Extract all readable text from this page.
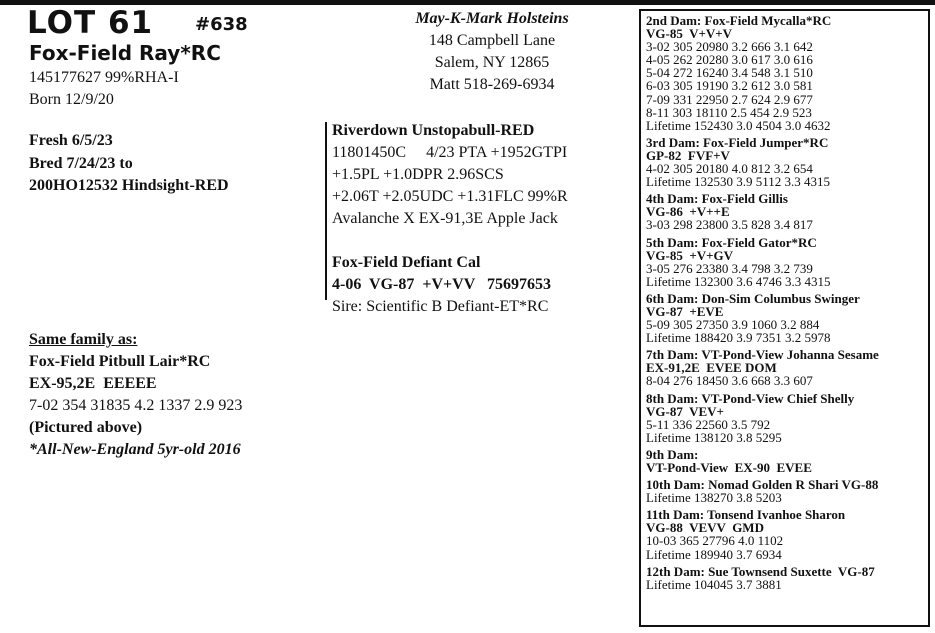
LOT 61 #638
Fox-Field Ray*RC
145177627 99%RHA-I
Born 12/9/20
Fresh 6/5/23
Bred 7/24/23 to
200HO12532 Hindsight-RED
May-K-Mark Holsteins
148 Campbell Lane
Salem, NY 12865
Matt 518-269-6934
Riverdown Unstopabull-RED
11801450C     4/23 PTA +1952GTPI
+1.5PL +1.0DPR 2.96SCS
+2.06T +2.05UDC +1.31FLC 99%R
Avalanche X EX-91,3E Apple Jack
Fox-Field Defiant Cal
4-06  VG-87  +V+VV   75697653
Sire: Scientific B Defiant-ET*RC
Same family as:
Fox-Field Pitbull Lair*RC
EX-95,2E  EEEEE
7-02 354 31835 4.2 1337 2.9 923
(Pictured above)
*All-New-England 5yr-old 2016
2nd Dam: Fox-Field Mycalla*RC
VG-85  V+V+V
3-02 305 20980 3.2 666 3.1 642
4-05 262 20280 3.0 617 3.0 616
5-04 272 16240 3.4 548 3.1 510
6-03 305 19190 3.2 612 3.0 581
7-09 331 22950 2.7 624 2.9 677
8-11 303 18110 2.5 454 2.9 523
Lifetime 152430 3.0 4504 3.0 4632
3rd Dam: Fox-Field Jumper*RC
GP-82  FVF+V
4-02 305 20180 4.0 812 3.2 654
Lifetime 132530 3.9 5112 3.3 4315
4th Dam: Fox-Field Gillis
VG-86  +V++E
3-03 298 23800 3.5 828 3.4 817
5th Dam: Fox-Field Gator*RC
VG-85  +V+GV
3-05 276 23380 3.4 798 3.2 739
Lifetime 132300 3.6 4746 3.3 4315
6th Dam: Don-Sim Columbus Swinger
VG-87  +EVE
5-09 305 27350 3.9 1060 3.2 884
Lifetime 188420 3.9 7351 3.2 5978
7th Dam: VT-Pond-View Johanna Sesame
EX-91,2E  EVEE DOM
8-04 276 18450 3.6 668 3.3 607
8th Dam: VT-Pond-View Chief Shelly
VG-87  VEV+
5-11 336 22560 3.5 792
Lifetime 138120 3.8 5295
9th Dam:
VT-Pond-View  EX-90  EVEE
10th Dam: Nomad Golden R Shari VG-88
Lifetime 138270 3.8 5203
11th Dam: Tonsend Ivanhoe Sharon
VG-88  VEVV  GMD
10-03 365 27796 4.0 1102
Lifetime 189940 3.7 6934
12th Dam: Sue Townsend Suxette  VG-87
Lifetime 104045 3.7 3881
